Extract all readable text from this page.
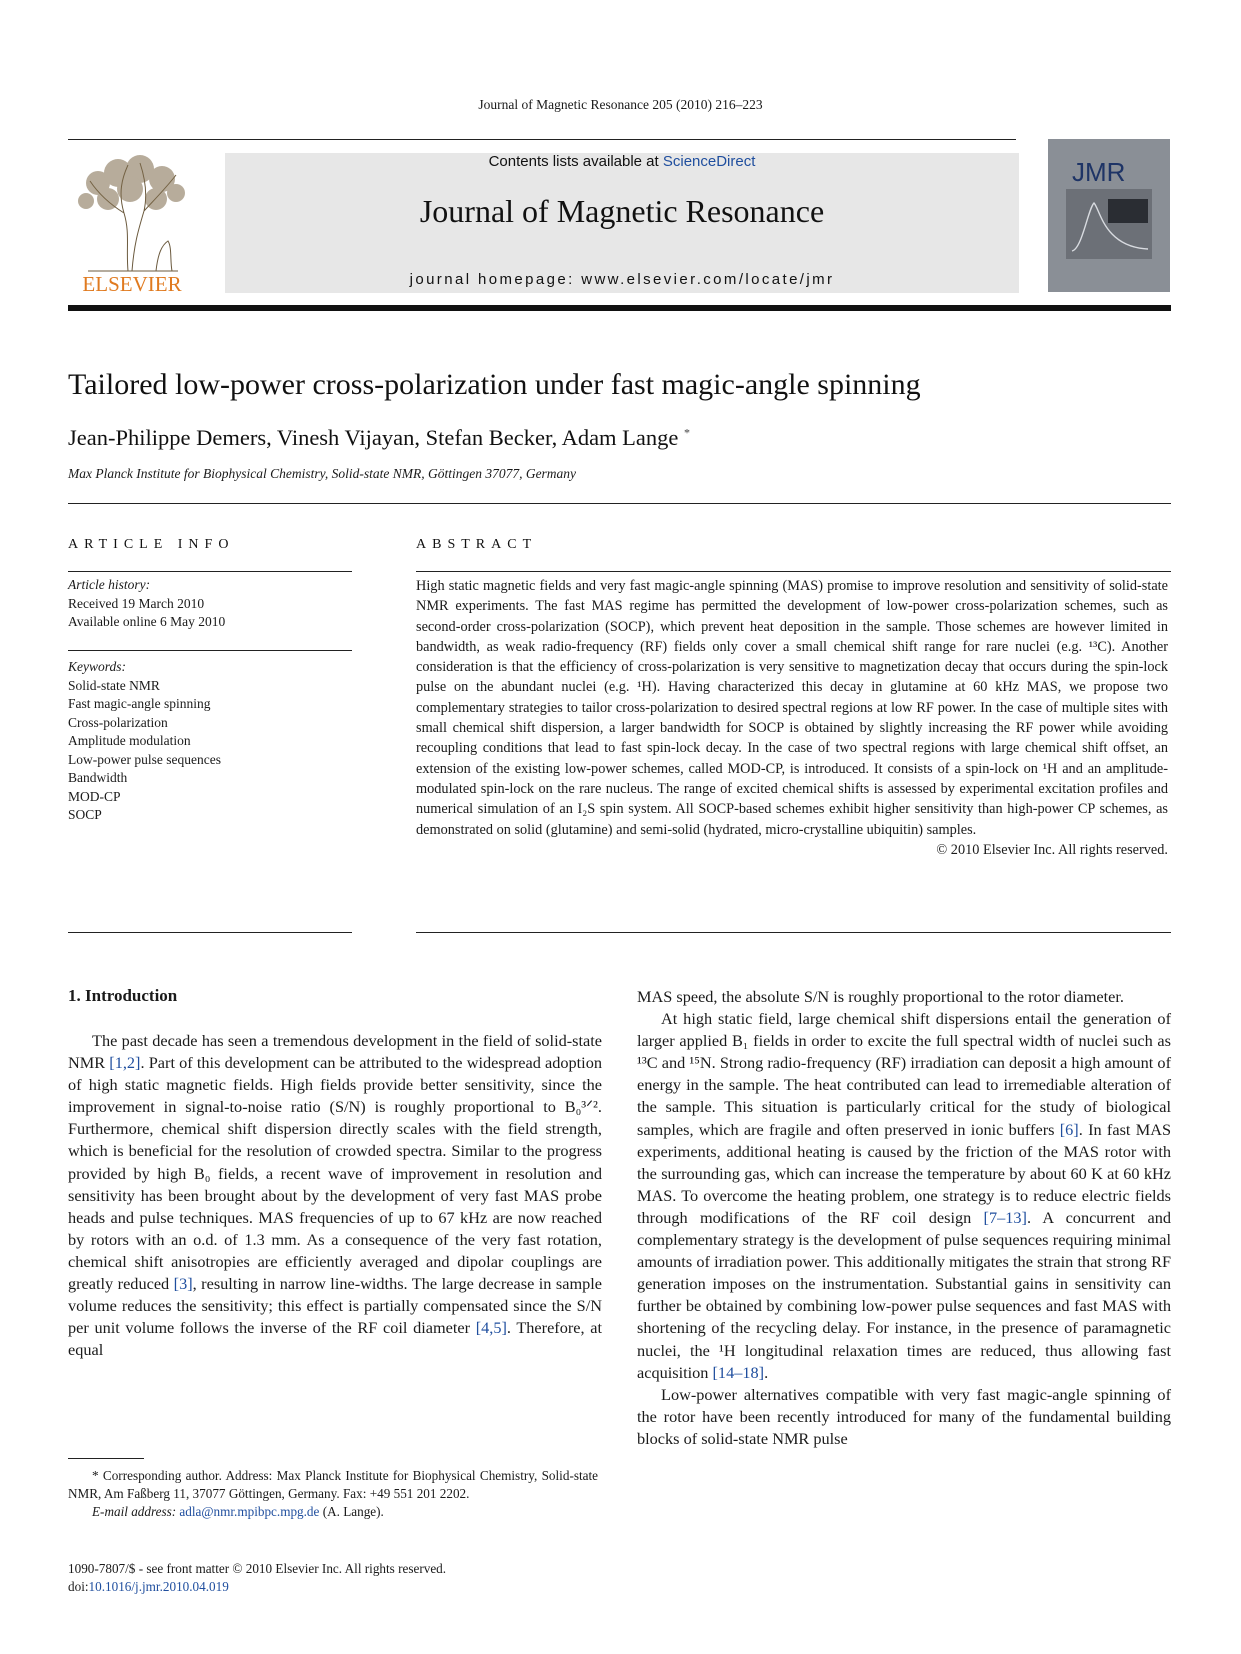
Journal of Magnetic Resonance 205 (2010) 216–223
ELSEVIER
Contents lists available at ScienceDirect
Journal of Magnetic Resonance
journal homepage: www.elsevier.com/locate/jmr
JMR
Tailored low-power cross-polarization under fast magic-angle spinning
Jean-Philippe Demers, Vinesh Vijayan, Stefan Becker, Adam Lange *
Max Planck Institute for Biophysical Chemistry, Solid-state NMR, Göttingen 37077, Germany
ARTICLE INFO
Article history:
Received 19 March 2010
Available online 6 May 2010
Keywords:
Solid-state NMR
Fast magic-angle spinning
Cross-polarization
Amplitude modulation
Low-power pulse sequences
Bandwidth
MOD-CP
SOCP
ABSTRACT
High static magnetic fields and very fast magic-angle spinning (MAS) promise to improve resolution and sensitivity of solid-state NMR experiments. The fast MAS regime has permitted the development of low-power cross-polarization schemes, such as second-order cross-polarization (SOCP), which prevent heat deposition in the sample. Those schemes are however limited in bandwidth, as weak radio-frequency (RF) fields only cover a small chemical shift range for rare nuclei (e.g. ¹³C). Another consideration is that the efficiency of cross-polarization is very sensitive to magnetization decay that occurs during the spin-lock pulse on the abundant nuclei (e.g. ¹H). Having characterized this decay in glutamine at 60 kHz MAS, we propose two complementary strategies to tailor cross-polarization to desired spectral regions at low RF power. In the case of multiple sites with small chemical shift dispersion, a larger bandwidth for SOCP is obtained by slightly increasing the RF power while avoiding recoupling conditions that lead to fast spin-lock decay. In the case of two spectral regions with large chemical shift offset, an extension of the existing low-power schemes, called MOD-CP, is introduced. It consists of a spin-lock on ¹H and an amplitude-modulated spin-lock on the rare nucleus. The range of excited chemical shifts is assessed by experimental excitation profiles and numerical simulation of an I₂S spin system. All SOCP-based schemes exhibit higher sensitivity than high-power CP schemes, as demonstrated on solid (glutamine) and semi-solid (hydrated, micro-crystalline ubiquitin) samples.
© 2010 Elsevier Inc. All rights reserved.
1. Introduction

The past decade has seen a tremendous development in the field of solid-state NMR [1,2]. Part of this development can be attributed to the widespread adoption of high static magnetic fields. High fields provide better sensitivity, since the improvement in signal-to-noise ratio (S/N) is roughly proportional to B₀³ᐟ². Furthermore, chemical shift dispersion directly scales with the field strength, which is beneficial for the resolution of crowded spectra. Similar to the progress provided by high B₀ fields, a recent wave of improvement in resolution and sensitivity has been brought about by the development of very fast MAS probe heads and pulse techniques. MAS frequencies of up to 67 kHz are now reached by rotors with an o.d. of 1.3 mm. As a consequence of the very fast rotation, chemical shift anisotropies are efficiently averaged and dipolar couplings are greatly reduced [3], resulting in narrow line-widths. The large decrease in sample volume reduces the sensitivity; this effect is partially compensated since the S/N per unit volume follows the inverse of the RF coil diameter [4,5]. Therefore, at equal

MAS speed, the absolute S/N is roughly proportional to the rotor diameter.

At high static field, large chemical shift dispersions entail the generation of larger applied B₁ fields in order to excite the full spectral width of nuclei such as ¹³C and ¹⁵N. Strong radio-frequency (RF) irradiation can deposit a high amount of energy in the sample. The heat contributed can lead to irremediable alteration of the sample. This situation is particularly critical for the study of biological samples, which are fragile and often preserved in ionic buffers [6]. In fast MAS experiments, additional heating is caused by the friction of the MAS rotor with the surrounding gas, which can increase the temperature by about 60 K at 60 kHz MAS. To overcome the heating problem, one strategy is to reduce electric fields through modifications of the RF coil design [7–13]. A concurrent and complementary strategy is the development of pulse sequences requiring minimal amounts of irradiation power. This additionally mitigates the strain that strong RF generation imposes on the instrumentation. Substantial gains in sensitivity can further be obtained by combining low-power pulse sequences and fast MAS with shortening of the recycling delay. For instance, in the presence of paramagnetic nuclei, the ¹H longitudinal relaxation times are reduced, thus allowing fast acquisition [14–18].

Low-power alternatives compatible with very fast magic-angle spinning of the rotor have been recently introduced for many of the fundamental building blocks of solid-state NMR pulse

* Corresponding author. Address: Max Planck Institute for Biophysical Chemistry, Solid-state NMR, Am Faßberg 11, 37077 Göttingen, Germany. Fax: +49 551 201 2202.
E-mail address: adla@nmr.mpibpc.mpg.de (A. Lange).
1090-7807/$ - see front matter © 2010 Elsevier Inc. All rights reserved.
doi:10.1016/j.jmr.2010.04.019
